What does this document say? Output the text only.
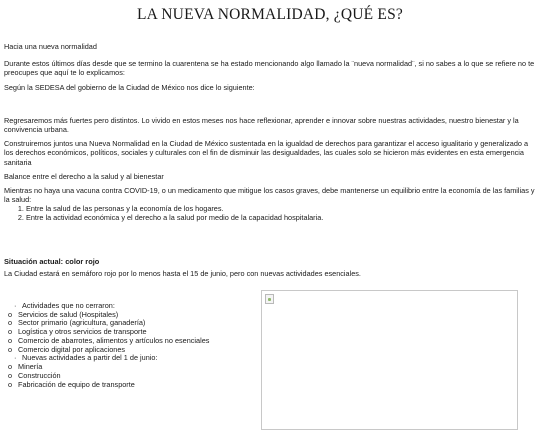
LA NUEVA NORMALIDAD, ¿QUÉ ES?

Hacia una nueva normalidad

Durante estos últimos días desde que se termino la cuarentena se ha estado mencionando algo llamado la ¨nueva normalidad¨, si no sabes a lo que se refiere no te preocupes que aquí te lo explicamos:

Según la SEDESA del gobierno de la Ciudad de México nos dice lo siguiente:

Regresaremos más fuertes pero distintos. Lo vivido en estos meses nos hace reflexionar, aprender e innovar sobre nuestras actividades, nuestro bienestar y la convivencia urbana.

Construiremos juntos una Nueva Normalidad en la Ciudad de México sustentada en la igualdad de derechos para garantizar el acceso igualitario y generalizado a los derechos económicos, políticos, sociales y culturales con el fin de disminuir las desigualdades, las cuales solo se hicieron más evidentes en esta emergencia sanitaria

Balance entre el derecho a la salud y al bienestar

Mientras no haya una vacuna contra COVID-19, o un medicamento que mitigue los casos graves, debe mantenerse un equilibrio entre la economía de las familias y la salud:

1. Entre la salud de las personas y la economía de los hogares.
2. Entre la actividad económica y el derecho a la salud por medio de la capacidad hospitalaria.
Situación actual: color rojo

La Ciudad estará en semáforo rojo por lo menos hasta el 15 de junio, pero con nuevas actividades esenciales.

· Actividades que no cerraron:
o Servicios de salud (Hospitales)
o Sector primario (agricultura, ganadería)
o Logística y otros servicios de transporte
o Comercio de abarrotes, alimentos y artículos no esenciales
o Comercio digital por aplicaciones
· Nuevas actividades a partir del 1 de junio:
o Minería
o Construcción
o Fabricación de equipo de transporte
